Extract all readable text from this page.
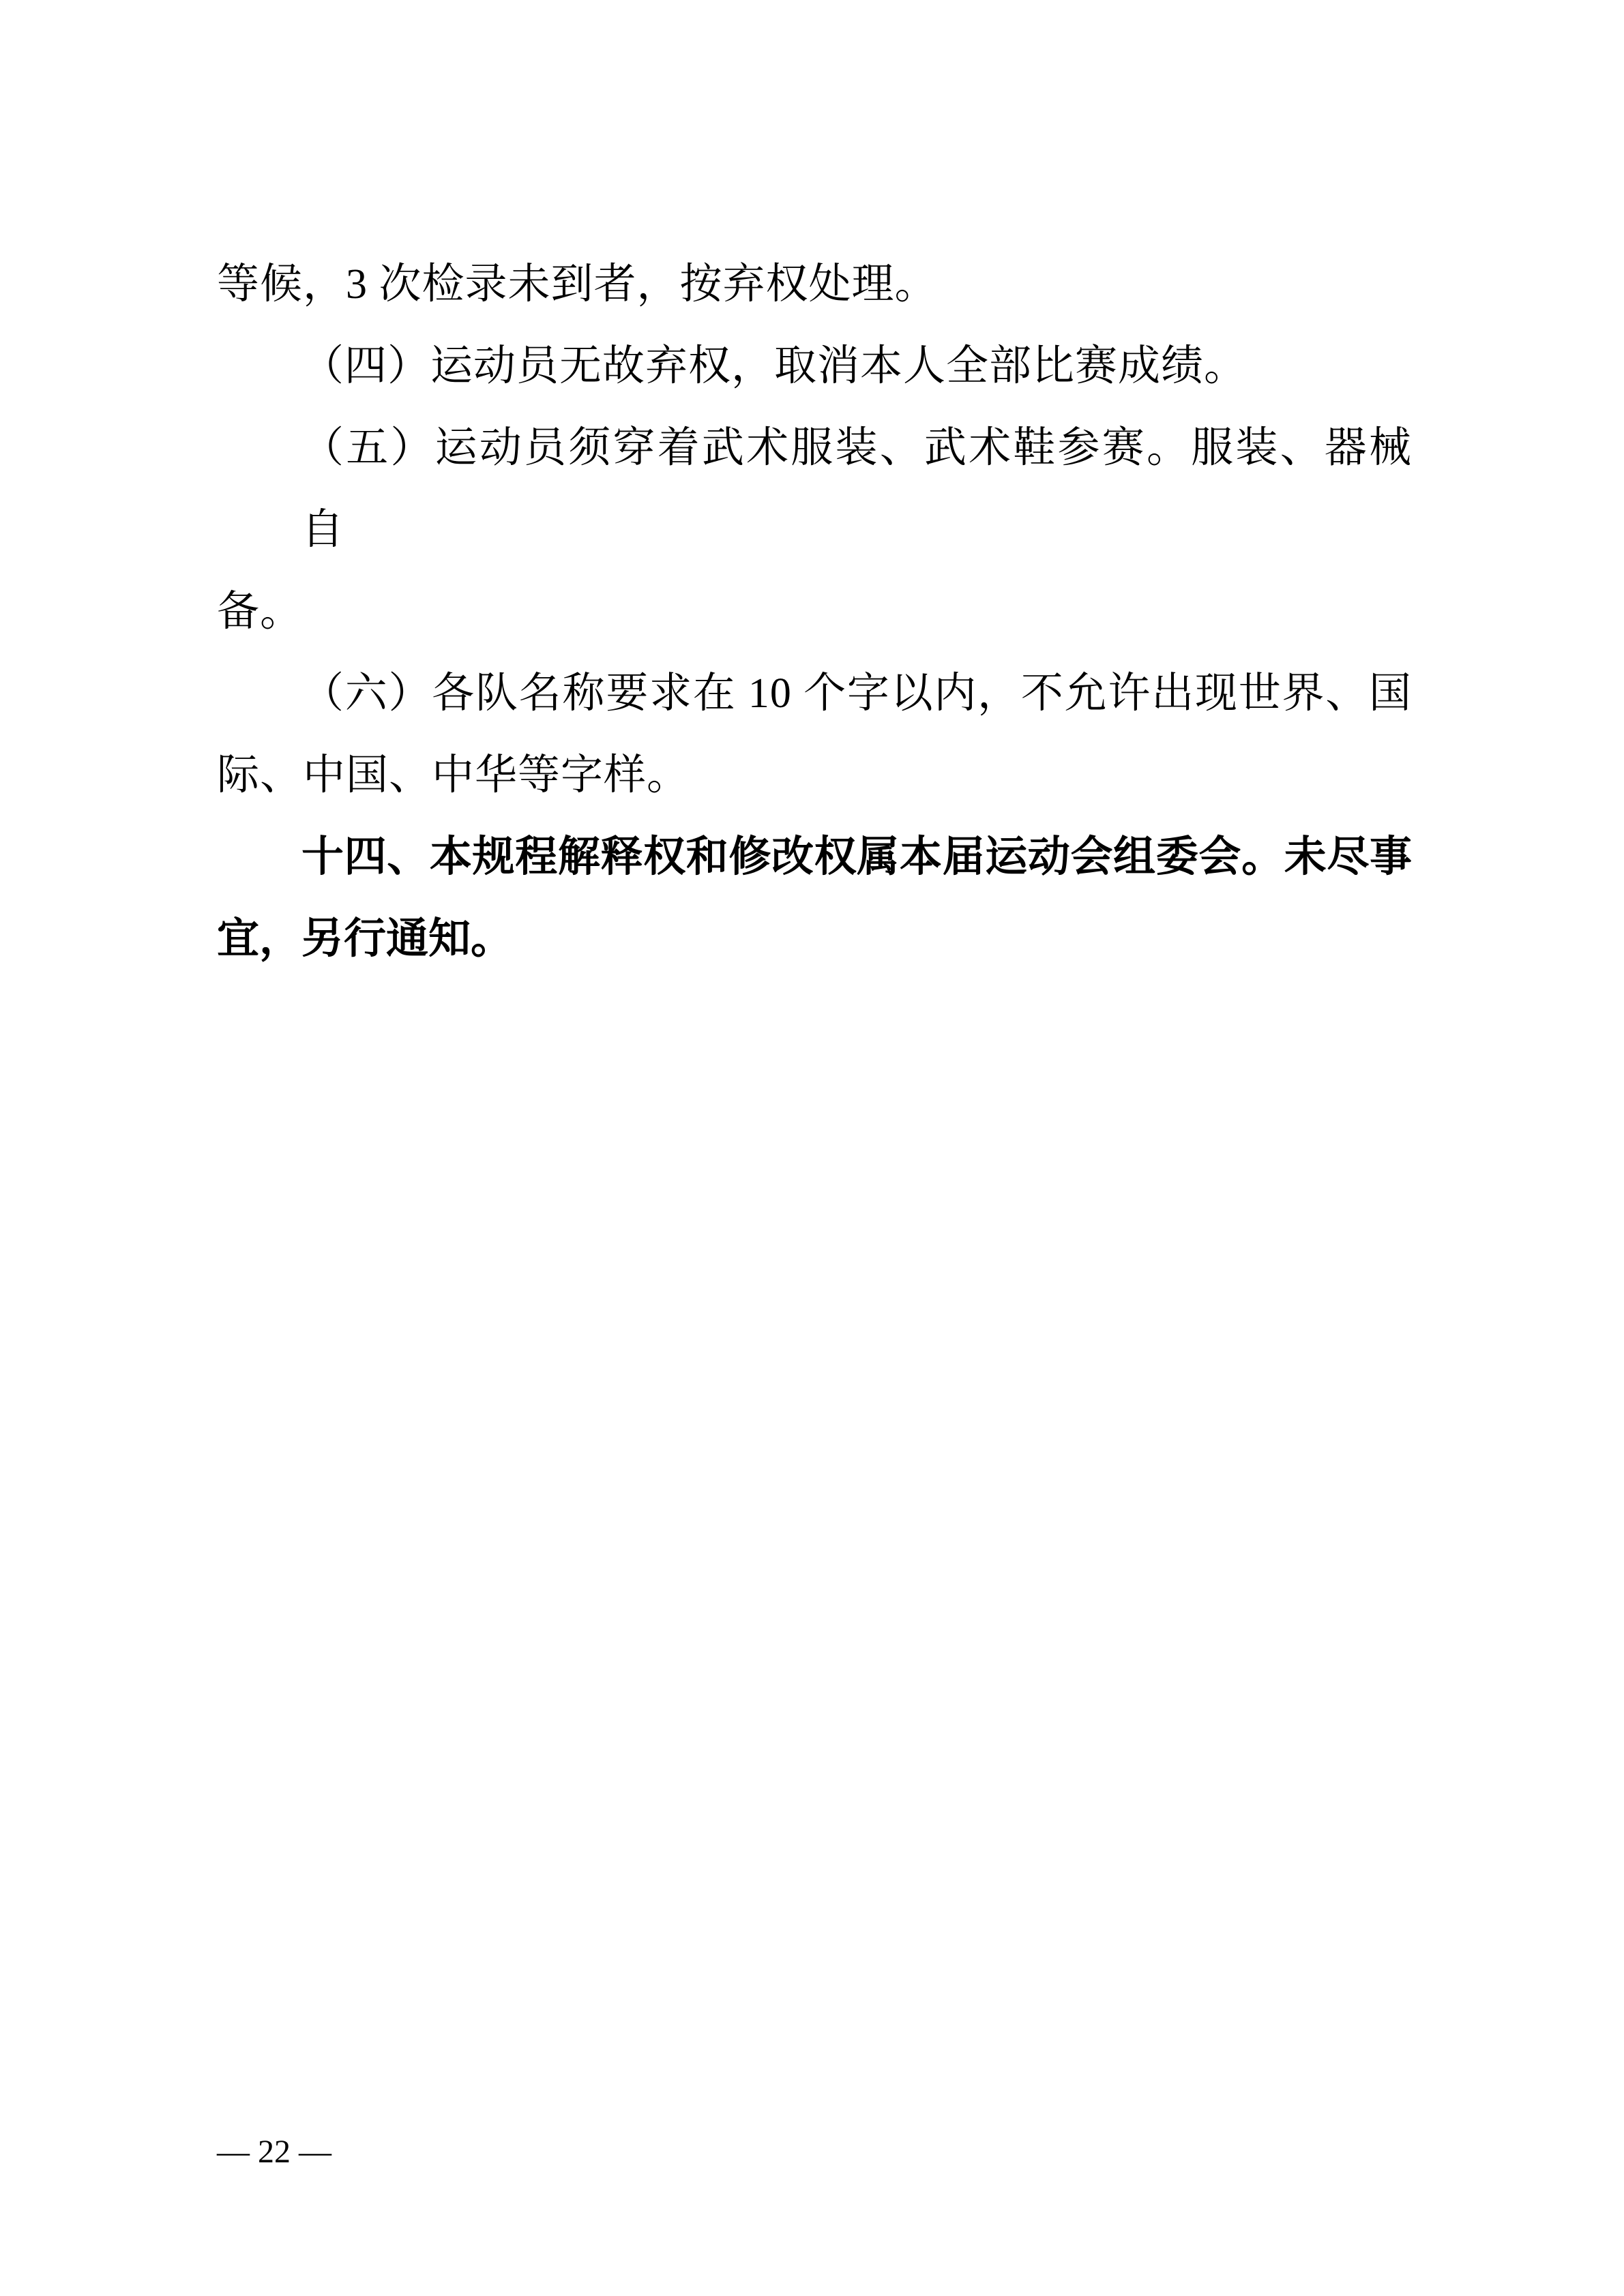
等候，3 次检录未到者，按弃权处理。
（四）运动员无故弃权，取消本人全部比赛成绩。
（五）运动员须穿着武术服装、武术鞋参赛。服装、器械自
备。
（六）各队名称要求在 10 个字以内，不允许出现世界、国
际、中国、中华等字样。
十四、本规程解释权和修改权属本届运动会组委会。未尽事
宜，另行通知。
— 22 —
